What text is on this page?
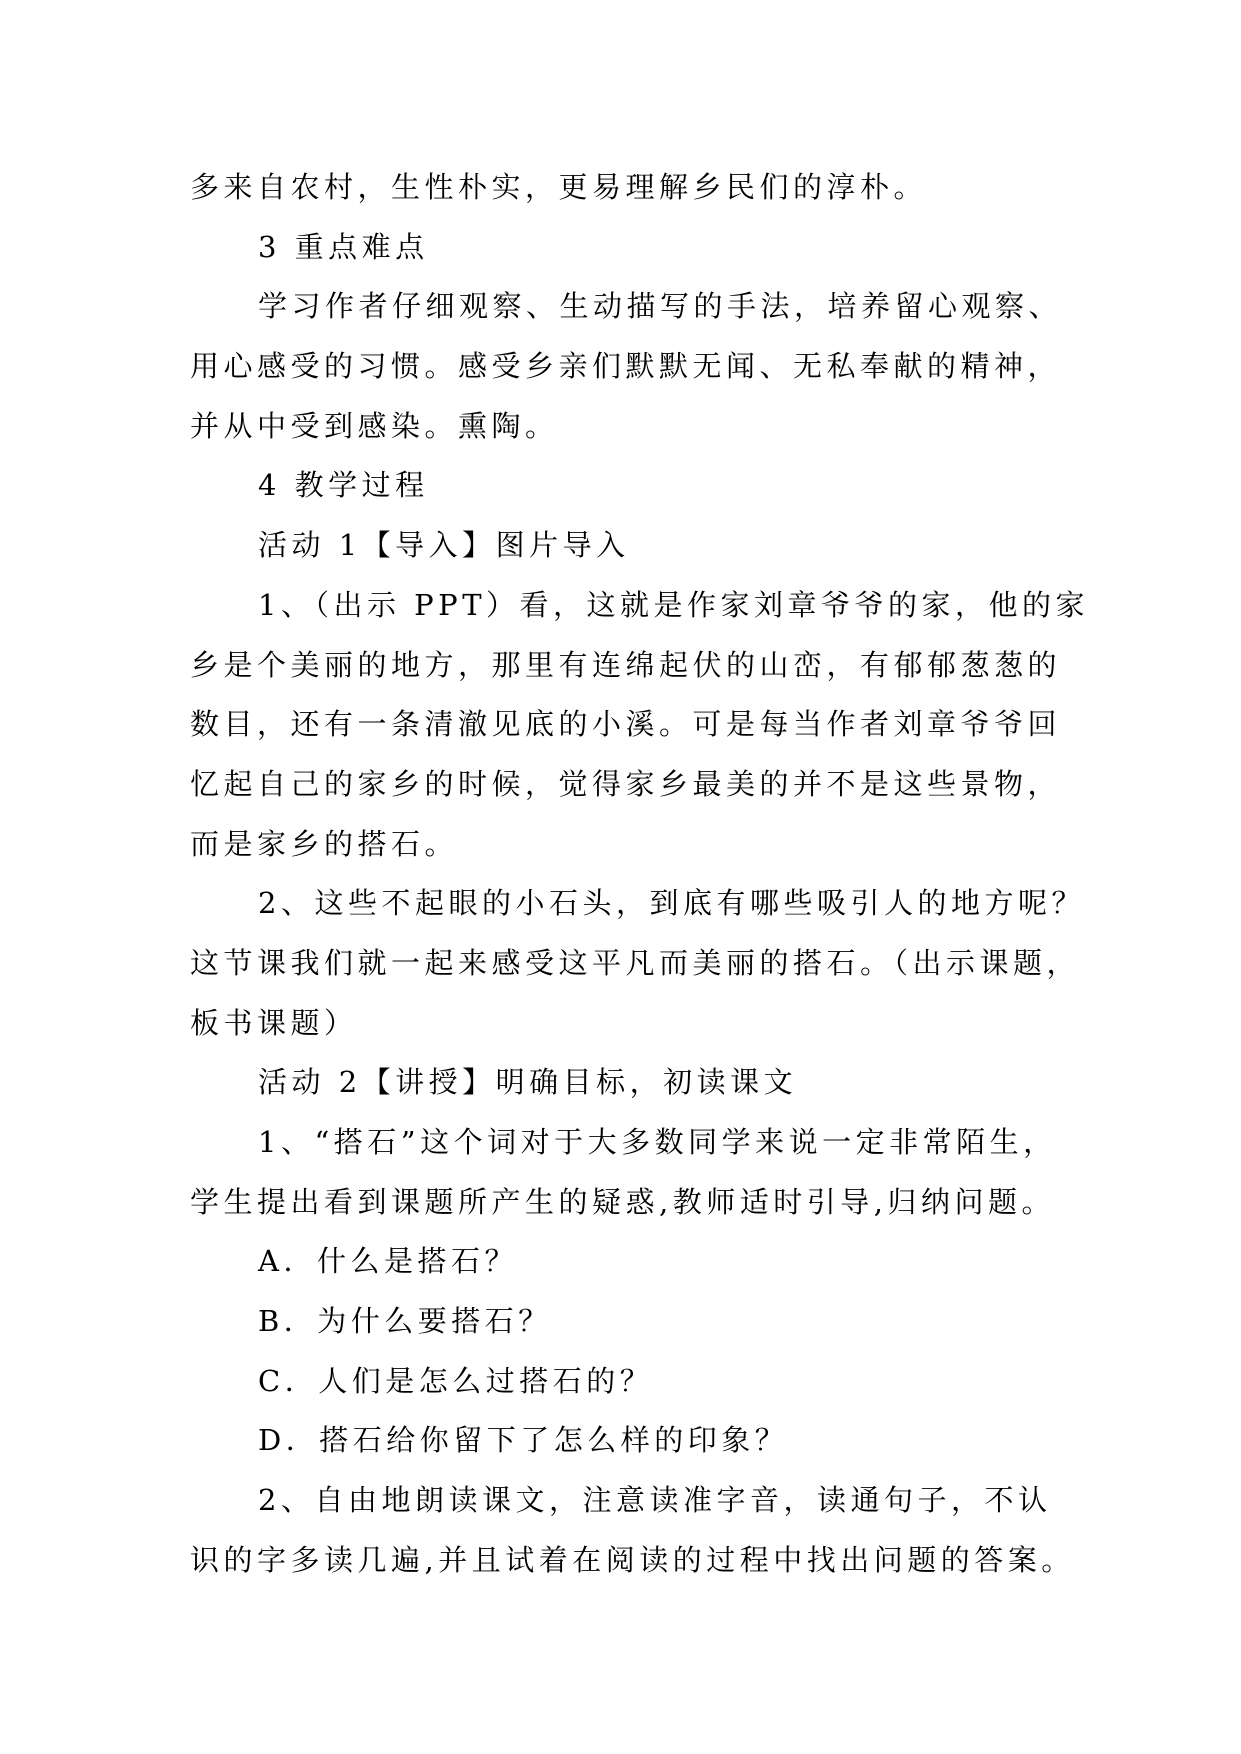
多来自农村，生性朴实，更易理解乡民们的淳朴。
3 重点难点
学习作者仔细观察、生动描写的手法，培养留心观察、
用心感受的习惯。感受乡亲们默默无闻、无私奉献的精神，
并从中受到感染。熏陶。
4 教学过程
活动 1【导入】图片导入
1、（出示 PPT）看，这就是作家刘章爷爷的家，他的家
乡是个美丽的地方，那里有连绵起伏的山峦，有郁郁葱葱的
数目，还有一条清澈见底的小溪。可是每当作者刘章爷爷回
忆起自己的家乡的时候，觉得家乡最美的并不是这些景物，
而是家乡的搭石。
2、这些不起眼的小石头，到底有哪些吸引人的地方呢？
这节课我们就一起来感受这平凡而美丽的搭石。（出示课题，
板书课题）
活动 2【讲授】明确目标，初读课文
1、“搭石”这个词对于大多数同学来说一定非常陌生，
学生提出看到课题所产生的疑惑,教师适时引导,归纳问题。
A．什么是搭石？
B．为什么要搭石？
C．人们是怎么过搭石的？
D．搭石给你留下了怎么样的印象？
2、自由地朗读课文，注意读准字音，读通句子，不认
识的字多读几遍,并且试着在阅读的过程中找出问题的答案。
